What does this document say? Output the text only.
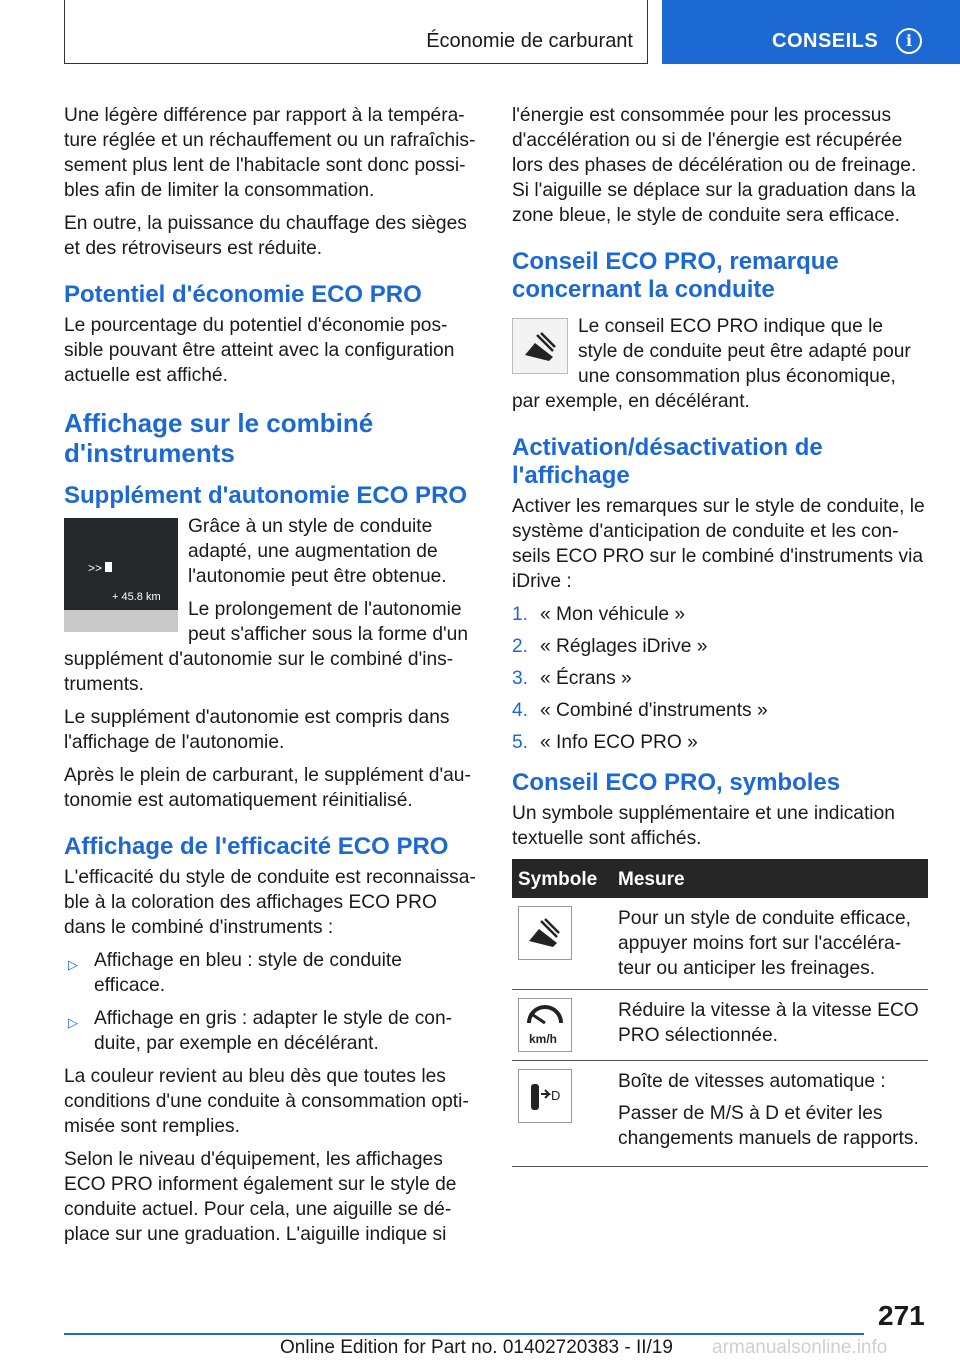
Économie de carburant	CONSEILS	i

Une légère différence par rapport à la température réglée et un réchauffement ou un rafraîchissement plus lent de l'habitacle sont donc possibles afin de limiter la consommation.

En outre, la puissance du chauffage des sièges et des rétroviseurs est réduite.

Potentiel d'économie ECO PRO

Le pourcentage du potentiel d'économie possible pouvant être atteint avec la configuration actuelle est affiché.

Affichage sur le combiné d'instruments
Supplément d'autonomie ECO PRO
>>

Grâce à un style de conduite adapté, une augmentation de l'autonomie peut être obtenue.

Le prolongement de l'autonomie peut s'afficher sous la forme d'un supplément d'autonomie sur le combiné d'instruments.

Le supplément d'autonomie est compris dans l'affichage de l'autonomie.

Après le plein de carburant, le supplément d'autonomie est automatiquement réinitialisé.

Affichage de l'efficacité ECO PRO

L'efficacité du style de conduite est reconnaissable à la coloration des affichages ECO PRO dans le combiné d'instruments :

▷ Affichage en bleu : style de conduite efficace.
▷ Affichage en gris : adapter le style de conduite, par exemple en décélérant.

La couleur revient au bleu dès que toutes les conditions d'une conduite à consommation optimisée sont remplies.

Selon le niveau d'équipement, les affichages ECO PRO informent également sur le style de conduite actuel. Pour cela, une aiguille se déplace sur une graduation. L'aiguille indique si

+ 45.8 km

l'énergie est consommée pour les processus d'accélération ou si de l'énergie est récupérée lors des phases de décélération ou de freinage. Si l'aiguille se déplace sur la graduation dans la zone bleue, le style de conduite sera efficace.

Conseil ECO PRO, remarque concernant la conduite

Le conseil ECO PRO indique que le style de conduite peut être adapté pour une consommation plus économique, par exemple, en décélérant.

Activation/désactivation de l'affichage

Activer les remarques sur le style de conduite, le système d'anticipation de conduite et les conseils ECO PRO sur le combiné d'instruments via iDrive :

1. « Mon véhicule »
2. « Réglages iDrive »
3. « Écrans »
4. « Combiné d'instruments »
5. « Info ECO PRO »
Conseil ECO PRO, symboles

Un symbole supplémentaire et une indication textuelle sont affichés.

Symbole	Mesure

	Pour un style de conduite efficace, appuyer moins fort sur l'accélérateur ou anticiper les freinages.

km/h	Réduire la vitesse à la vitesse ECO PRO sélectionnée.

D	Boîte de vitesses automatique :

Passer de M/S à D et éviter les changements manuels de rapports.

271
Online Edition for Part no. 01402720383 - II/19 armanualsonline.info
